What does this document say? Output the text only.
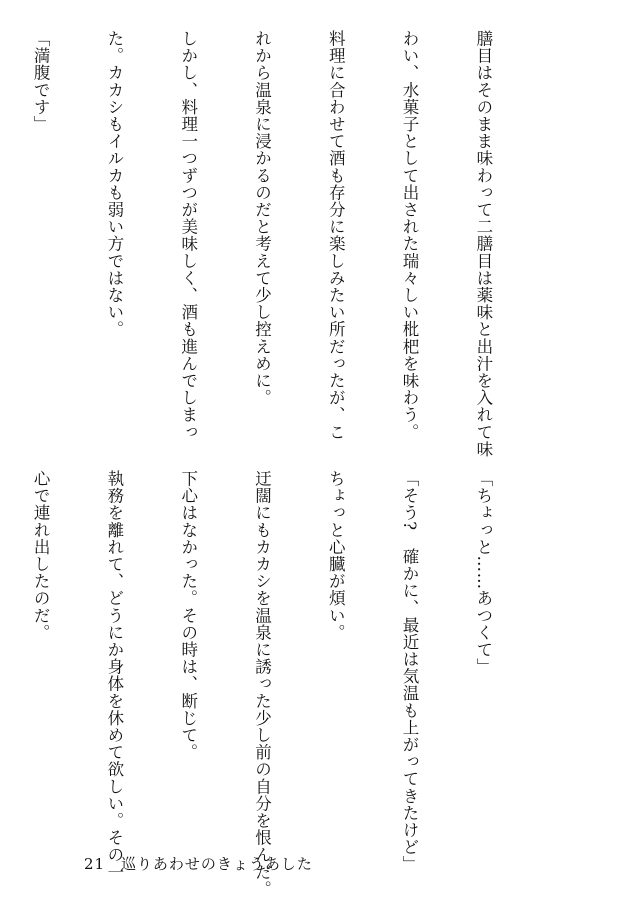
膳目はそのまま味わって二膳目は薬味と出汁を入れて味

わい、水菓子として出された瑞々しい枇杷を味わう。

料理に合わせて酒も存分に楽しみたい所だったが、こ

れから温泉に浸かるのだと考えて少し控えめに。

しかし、料理一つずつが美味しく、酒も進んでしまっ

た。カカシもイルカも弱い方ではない。

「満腹です」

「ちょっと……あつくて」

「そう?　確かに、最近は気温も上がってきたけど」

ちょっと心臓が煩い。

迂闊にもカカシを温泉に誘った少し前の自分を恨んだ。

下心はなかった。その時は、断じて。

執務を離れて、どうにか身体を休めて欲しい。その一

心で連れ出したのだ。

21 巡りあわせのきょうあした
